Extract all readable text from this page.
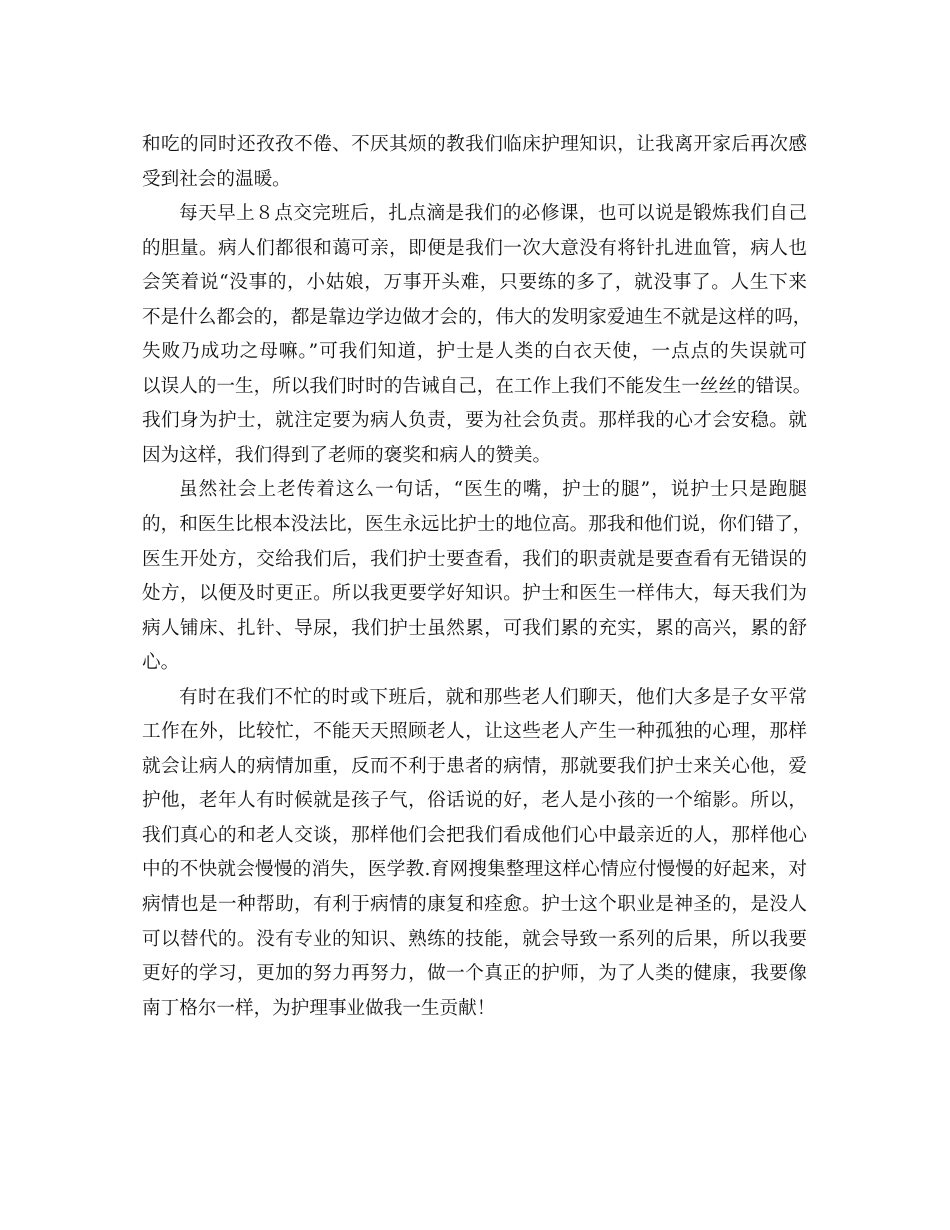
和吃的同时还孜孜不倦、不厌其烦的教我们临床护理知识，让我离开家后再次感
受到社会的温暖。
每天早上８点交完班后，扎点滴是我们的必修课，也可以说是锻炼我们自己
的胆量。病人们都很和蔼可亲，即便是我们一次大意没有将针扎进血管，病人也
会笑着说“没事的，小姑娘，万事开头难，只要练的多了，就没事了。人生下来
不是什么都会的，都是靠边学边做才会的，伟大的发明家爱迪生不就是这样的吗，
失败乃成功之母嘛。”可我们知道，护士是人类的白衣天使，一点点的失误就可
以误人的一生，所以我们时时的告诫自己，在工作上我们不能发生一丝丝的错误。
我们身为护士，就注定要为病人负责，要为社会负责。那样我的心才会安稳。就
因为这样，我们得到了老师的褒奖和病人的赞美。
虽然社会上老传着这么一句话，“医生的嘴，护士的腿”，说护士只是跑腿
的，和医生比根本没法比，医生永远比护士的地位高。那我和他们说，你们错了，
医生开处方，交给我们后，我们护士要查看，我们的职责就是要查看有无错误的
处方，以便及时更正。所以我更要学好知识。护士和医生一样伟大，每天我们为
病人铺床、扎针、导尿，我们护士虽然累，可我们累的充实，累的高兴，累的舒
心。
有时在我们不忙的时或下班后，就和那些老人们聊天，他们大多是子女平常
工作在外，比较忙，不能天天照顾老人，让这些老人产生一种孤独的心理，那样
就会让病人的病情加重，反而不利于患者的病情，那就要我们护士来关心他，爱
护他，老年人有时候就是孩子气，俗话说的好，老人是小孩的一个缩影。所以，
我们真心的和老人交谈，那样他们会把我们看成他们心中最亲近的人，那样他心
中的不快就会慢慢的消失，医学教.育网搜集整理这样心情应付慢慢的好起来，对
病情也是一种帮助，有利于病情的康复和痊愈。护士这个职业是神圣的，是没人
可以替代的。没有专业的知识、熟练的技能，就会导致一系列的后果，所以我要
更好的学习，更加的努力再努力，做一个真正的护师，为了人类的健康，我要像
南丁格尔一样，为护理事业做我一生贡献！
